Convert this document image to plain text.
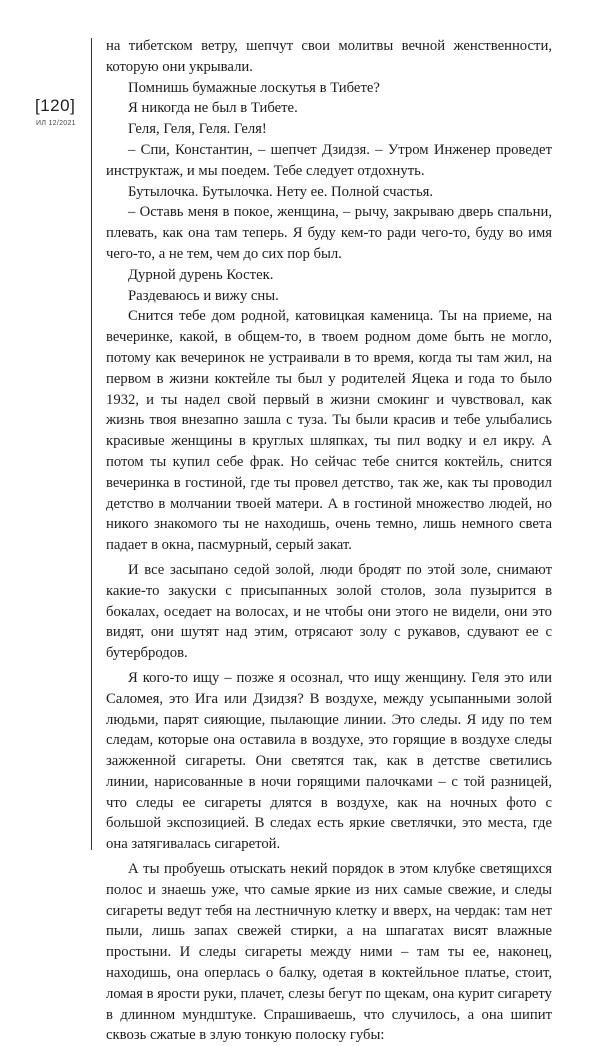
[120]
ИЛ 12/2021

на тибетском ветру, шепчут свои молитвы вечной женственности, которую они укрывали.

Помнишь бумажные лоскутья в Тибете?

Я никогда не был в Тибете.

Геля, Геля, Геля. Геля!

– Спи, Константин, – шепчет Дзидзя. – Утром Инженер проведет инструктаж, и мы поедем. Тебе следует отдохнуть.

Бутылочка. Бутылочка. Нету ее. Полной счастья.

– Оставь меня в покое, женщина, – рычу, закрываю дверь спальни, плевать, как она там теперь. Я буду кем-то ради чего-то, буду во имя чего-то, а не тем, чем до сих пор был.

Дурной дурень Костек.

Раздеваюсь и вижу сны.

Снится тебе дом родной, катовицкая каменица. Ты на приеме, на вечеринке, какой, в общем-то, в твоем родном доме быть не могло, потому как вечеринок не устраивали в то время, когда ты там жил, на первом в жизни коктейле ты был у родителей Яцека и года то было 1932, и ты надел свой первый в жизни смокинг и чувствовал, как жизнь твоя внезапно зашла с туза. Ты были красив и тебе улыбались красивые женщины в круглых шляпках, ты пил водку и ел икру. А потом ты купил себе фрак. Но сейчас тебе снится коктейль, снится вечеринка в гостиной, где ты провел детство, так же, как ты проводил детство в молчании твоей матери. А в гостиной множество людей, но никого знакомого ты не находишь, очень темно, лишь немного света падает в окна, пасмурный, серый закат.

И все засыпано седой золой, люди бродят по этой золе, снимают какие-то закуски с присыпанных золой столов, зола пузырится в бокалах, оседает на волосах, и не чтобы они этого не видели, они это видят, они шутят над этим, отрясают золу с рукавов, сдувают ее с бутербродов.

Я кого-то ищу – позже я осознал, что ищу женщину. Геля это или Саломея, это Ига или Дзидзя? В воздухе, между усыпанными золой людьми, парят сияющие, пылающие линии. Это следы. Я иду по тем следам, которые она оставила в воздухе, это горящие в воздухе следы зажженной сигареты. Они светятся так, как в детстве светились линии, нарисованные в ночи горящими палочками – с той разницей, что следы ее сигареты длятся в воздухе, как на ночных фото с большой экспозицией. В следах есть яркие светлячки, это места, где она затягивалась сигаретой.

А ты пробуешь отыскать некий порядок в этом клубке светящихся полос и знаешь уже, что самые яркие из них самые свежие, и следы сигареты ведут тебя на лестничную клетку и вверх, на чердак: там нет пыли, лишь запах свежей стирки, а на шпагатах висят влажные простыни. И следы сигареты между ними – там ты ее, наконец, находишь, она оперлась о балку, одетая в коктейльное платье, стоит, ломая в ярости руки, плачет, слезы бегут по щекам, она курит сигарету в длинном мундштуке. Спрашиваешь, что случилось, а она шипит сквозь сжатые в злую тонкую полоску губы:
